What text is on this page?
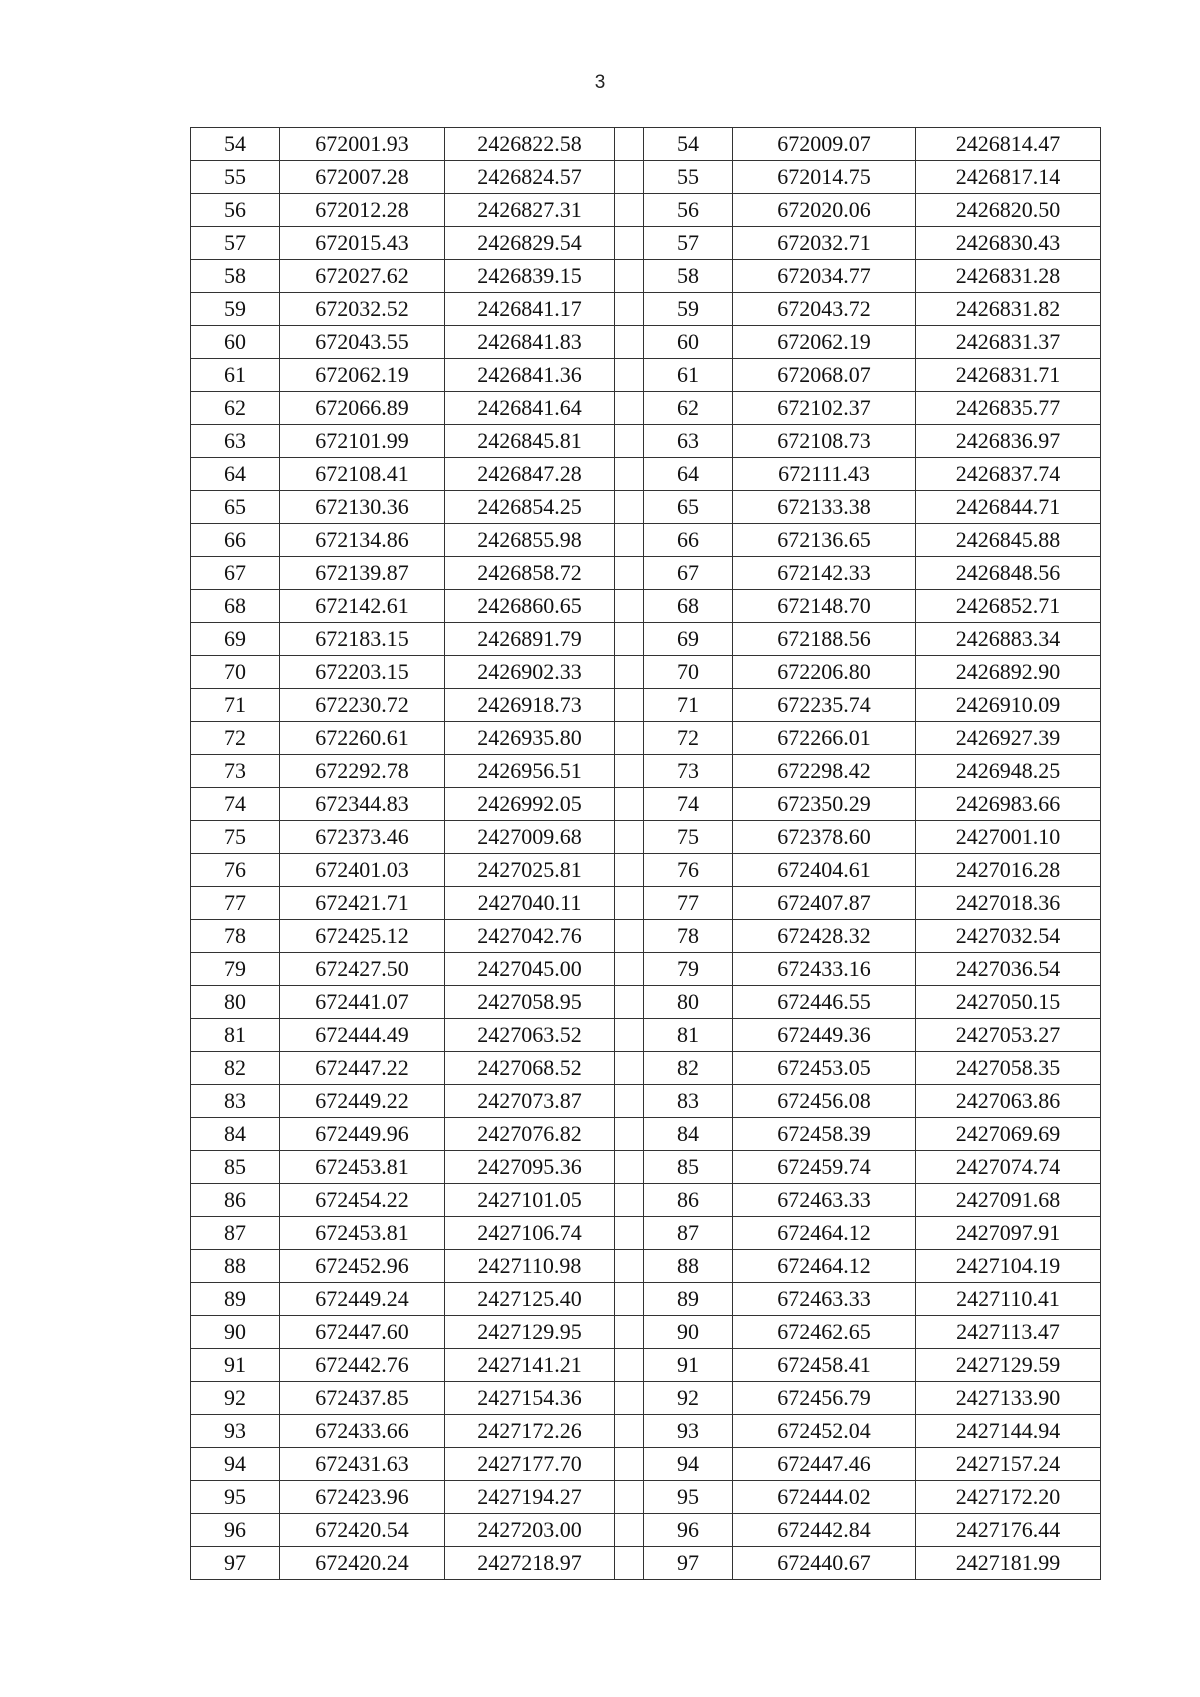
3
54	672001.93	2426822.58		54	672009.07	2426814.47
55	672007.28	2426824.57		55	672014.75	2426817.14
56	672012.28	2426827.31		56	672020.06	2426820.50
57	672015.43	2426829.54		57	672032.71	2426830.43
58	672027.62	2426839.15		58	672034.77	2426831.28
59	672032.52	2426841.17		59	672043.72	2426831.82
60	672043.55	2426841.83		60	672062.19	2426831.37
61	672062.19	2426841.36		61	672068.07	2426831.71
62	672066.89	2426841.64		62	672102.37	2426835.77
63	672101.99	2426845.81		63	672108.73	2426836.97
64	672108.41	2426847.28		64	672111.43	2426837.74
65	672130.36	2426854.25		65	672133.38	2426844.71
66	672134.86	2426855.98		66	672136.65	2426845.88
67	672139.87	2426858.72		67	672142.33	2426848.56
68	672142.61	2426860.65		68	672148.70	2426852.71
69	672183.15	2426891.79		69	672188.56	2426883.34
70	672203.15	2426902.33		70	672206.80	2426892.90
71	672230.72	2426918.73		71	672235.74	2426910.09
72	672260.61	2426935.80		72	672266.01	2426927.39
73	672292.78	2426956.51		73	672298.42	2426948.25
74	672344.83	2426992.05		74	672350.29	2426983.66
75	672373.46	2427009.68		75	672378.60	2427001.10
76	672401.03	2427025.81		76	672404.61	2427016.28
77	672421.71	2427040.11		77	672407.87	2427018.36
78	672425.12	2427042.76		78	672428.32	2427032.54
79	672427.50	2427045.00		79	672433.16	2427036.54
80	672441.07	2427058.95		80	672446.55	2427050.15
81	672444.49	2427063.52		81	672449.36	2427053.27
82	672447.22	2427068.52		82	672453.05	2427058.35
83	672449.22	2427073.87		83	672456.08	2427063.86
84	672449.96	2427076.82		84	672458.39	2427069.69
85	672453.81	2427095.36		85	672459.74	2427074.74
86	672454.22	2427101.05		86	672463.33	2427091.68
87	672453.81	2427106.74		87	672464.12	2427097.91
88	672452.96	2427110.98		88	672464.12	2427104.19
89	672449.24	2427125.40		89	672463.33	2427110.41
90	672447.60	2427129.95		90	672462.65	2427113.47
91	672442.76	2427141.21		91	672458.41	2427129.59
92	672437.85	2427154.36		92	672456.79	2427133.90
93	672433.66	2427172.26		93	672452.04	2427144.94
94	672431.63	2427177.70		94	672447.46	2427157.24
95	672423.96	2427194.27		95	672444.02	2427172.20
96	672420.54	2427203.00		96	672442.84	2427176.44
97	672420.24	2427218.97		97	672440.67	2427181.99
